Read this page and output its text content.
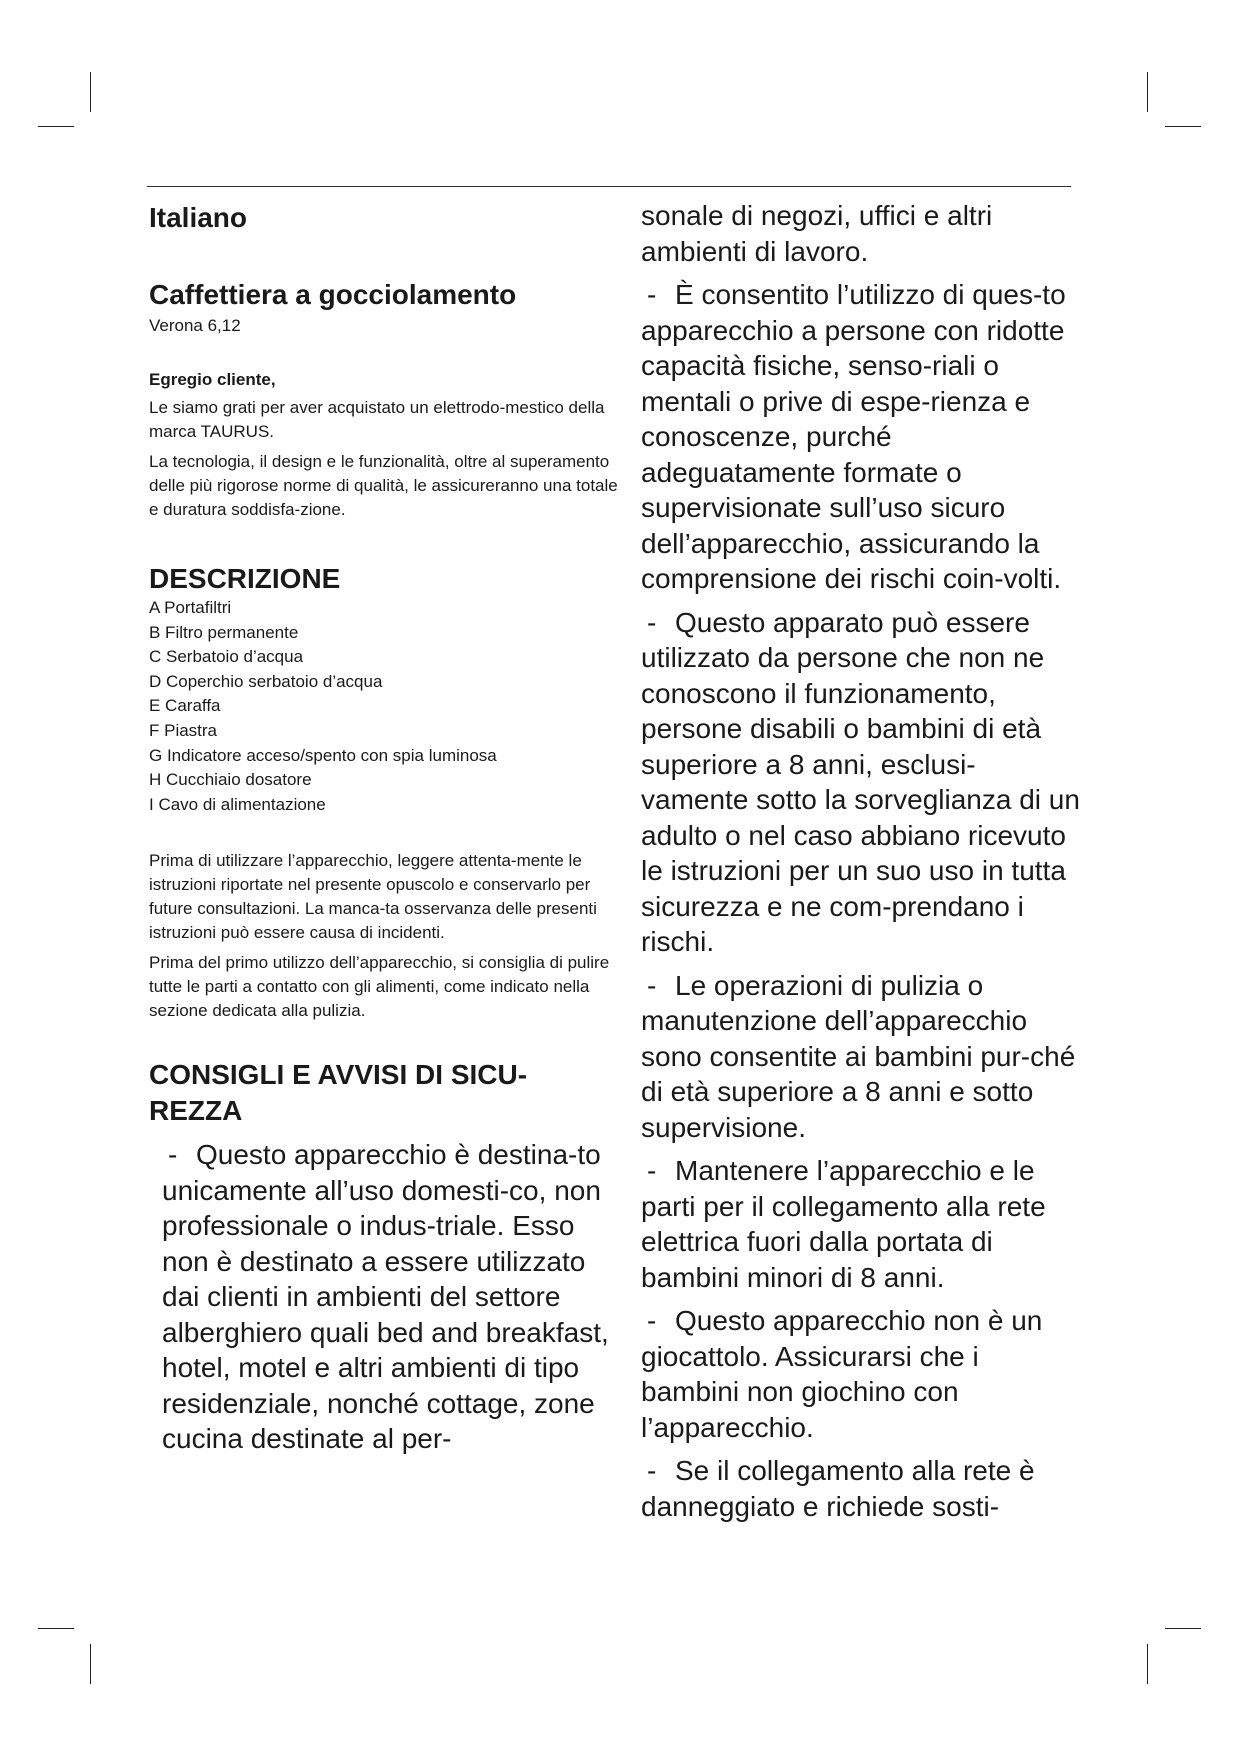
Italiano
Caffettiera a gocciolamento

Verona 6,12

Egregio cliente,

Le siamo grati per aver acquistato un elettrodo-mestico della marca TAURUS.

La tecnologia, il design e le funzionalità, oltre al superamento delle più rigorose norme di qualità, le assicureranno una totale e duratura soddisfa-zione.

DESCRIZIONE
A Portafiltri
B Filtro permanente
C Serbatoio d’acqua
D Coperchio serbatoio d’acqua
E Caraffa
F Piastra
G Indicatore acceso/spento con spia luminosa
H Cucchiaio dosatore
I Cavo di alimentazione

Prima di utilizzare l’apparecchio, leggere attenta-mente le istruzioni riportate nel presente opuscolo e conservarlo per future consultazioni. La manca-ta osservanza delle presenti istruzioni può essere causa di incidenti.

Prima del primo utilizzo dell’apparecchio, si consiglia di pulire tutte le parti a contatto con gli alimenti, come indicato nella sezione dedicata alla pulizia.

CONSIGLI E AVVISI DI SICU-REZZA

- Questo apparecchio è destina-to unicamente all’uso domesti-co, non professionale o indus-triale. Esso non è destinato a essere utilizzato dai clienti in ambienti del settore alberghiero quali bed and breakfast, hotel, motel e altri ambienti di tipo residenziale, nonché cottage, zone cucina destinate al per-

sonale di negozi, uffici e altri ambienti di lavoro.

- È consentito l’utilizzo di ques-to apparecchio a persone con ridotte capacità fisiche, senso-riali o mentali o prive di espe-rienza e conoscenze, purché adeguatamente formate o supervisionate sull’uso sicuro dell’apparecchio, assicurando la comprensione dei rischi coin-volti.

- Questo apparato può essere utilizzato da persone che non ne conoscono il funzionamento, persone disabili o bambini di età superiore a 8 anni, esclusi-vamente sotto la sorveglianza di un adulto o nel caso abbiano ricevuto le istruzioni per un suo uso in tutta sicurezza e ne com-prendano i rischi.

- Le operazioni di pulizia o manutenzione dell’apparecchio sono consentite ai bambini pur-ché di età superiore a 8 anni e sotto supervisione.

- Mantenere l’apparecchio e le parti per il collegamento alla rete elettrica fuori dalla portata di bambini minori di 8 anni.

- Questo apparecchio non è un giocattolo. Assicurarsi che i bambini non giochino con l’apparecchio.

- Se il collegamento alla rete è danneggiato e richiede sosti-
